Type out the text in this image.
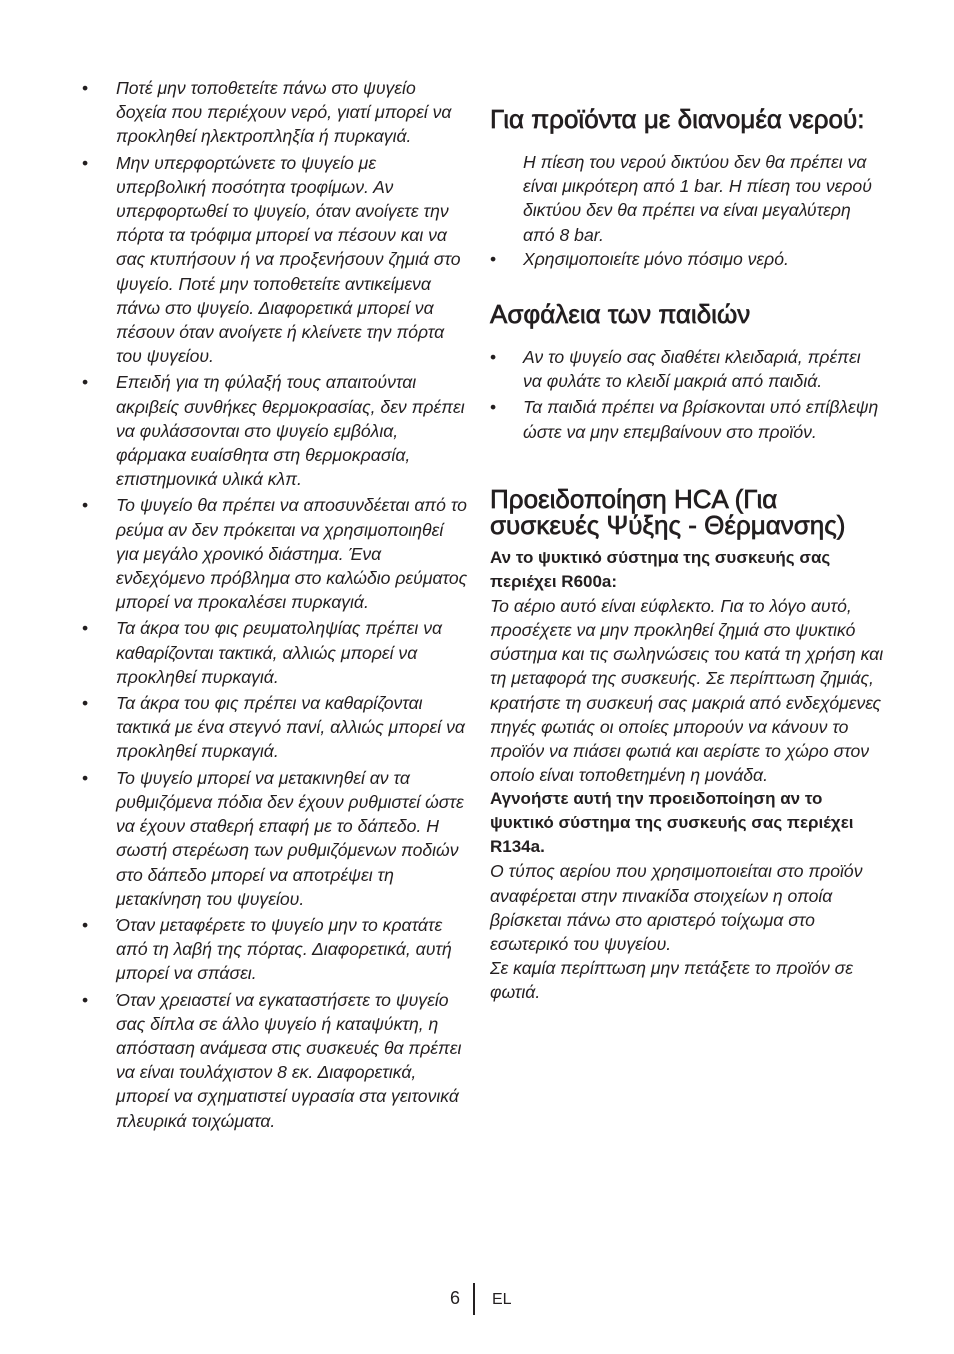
• Ποτέ μην τοποθετείτε πάνω στο ψυγείο δοχεία που περιέχουν νερό, γιατί μπορεί να προκληθεί ηλεκτροπληξία ή πυρκαγιά.
• Μην υπερφορτώνετε το ψυγείο με υπερβολική ποσότητα τροφίμων. Αν υπερφορτωθεί το ψυγείο, όταν ανοίγετε την πόρτα τα τρόφιμα μπορεί να πέσουν και να σας κτυπήσουν ή να προξενήσουν ζημιά στο ψυγείο. Ποτέ μην τοποθετείτε αντικείμενα πάνω στο ψυγείο. Διαφορετικά μπορεί να πέσουν όταν ανοίγετε ή κλείνετε την πόρτα του ψυγείου.
• Επειδή για τη φύλαξή τους απαιτούνται ακριβείς συνθήκες θερμοκρασίας, δεν πρέπει να φυλάσσονται στο ψυγείο εμβόλια, φάρμακα ευαίσθητα στη θερμοκρασία, επιστημονικά υλικά κλπ.
• Το ψυγείο θα πρέπει να αποσυνδέεται από το ρεύμα αν δεν πρόκειται να χρησιμοποιηθεί για μεγάλο χρονικό διάστημα. Ένα ενδεχόμενο πρόβλημα στο καλώδιο ρεύματος μπορεί να προκαλέσει πυρκαγιά.
• Τα άκρα του φις ρευματοληψίας πρέπει να καθαρίζονται τακτικά, αλλιώς μπορεί να προκληθεί πυρκαγιά.
• Τα άκρα του φις πρέπει να καθαρίζονται τακτικά με ένα στεγνό πανί, αλλιώς μπορεί να προκληθεί πυρκαγιά.
• Το ψυγείο μπορεί να μετακινηθεί αν τα ρυθμιζόμενα πόδια δεν έχουν ρυθμιστεί ώστε να έχουν σταθερή επαφή με το δάπεδο. Η σωστή στερέωση των ρυθμιζόμενων ποδιών στο δάπεδο μπορεί να αποτρέψει τη μετακίνηση του ψυγείου.
• Όταν μεταφέρετε το ψυγείο μην το κρατάτε από τη λαβή της πόρτας. Διαφορετικά, αυτή μπορεί να σπάσει.
• Όταν χρειαστεί να εγκαταστήσετε το ψυγείο σας δίπλα σε άλλο ψυγείο ή καταψύκτη, η απόσταση ανάμεσα στις συσκευές θα πρέπει να είναι τουλάχιστον 8 εκ. Διαφορετικά, μπορεί να σχηματιστεί υγρασία στα γειτονικά πλευρικά τοιχώματα.
Για προϊόντα με διανομέα νερού:
Η πίεση του νερού δικτύου δεν θα πρέπει να είναι μικρότερη από 1 bar. Η πίεση του νερού δικτύου δεν θα πρέπει να είναι μεγαλύτερη από 8 bar.
• Χρησιμοποιείτε μόνο πόσιμο νερό.
Ασφάλεια των παιδιών
• Αν το ψυγείο σας διαθέτει κλειδαριά, πρέπει να φυλάτε το κλειδί μακριά από παιδιά.
• Τα παιδιά πρέπει να βρίσκονται υπό επίβλεψη ώστε να μην επεμβαίνουν στο προϊόν.
Προειδοποίηση HCA (Για συσκευές Ψύξης - Θέρμανσης)
Αν το ψυκτικό σύστημα της συσκευής σας περιέχει R600a:
Το αέριο αυτό είναι εύφλεκτο. Για το λόγο αυτό, προσέχετε να μην προκληθεί ζημιά στο ψυκτικό σύστημα και τις σωληνώσεις του κατά τη χρήση και τη μεταφορά της συσκευής. Σε περίπτωση ζημιάς, κρατήστε τη συσκευή σας μακριά από ενδεχόμενες πηγές φωτιάς οι οποίες μπορούν να κάνουν το προϊόν να πιάσει φωτιά και αερίστε το χώρο στον οποίο είναι τοποθετημένη η μονάδα.
Αγνοήστε αυτή την προειδοποίηση αν το ψυκτικό σύστημα της συσκευής σας περιέχει R134a.
Ο τύπος αερίου που χρησιμοποιείται στο προϊόν αναφέρεται στην πινακίδα στοιχείων η οποία βρίσκεται πάνω στο αριστερό τοίχωμα στο εσωτερικό του ψυγείου.
Σε καμία περίπτωση μην πετάξετε το προϊόν σε φωτιά.
6 EL
